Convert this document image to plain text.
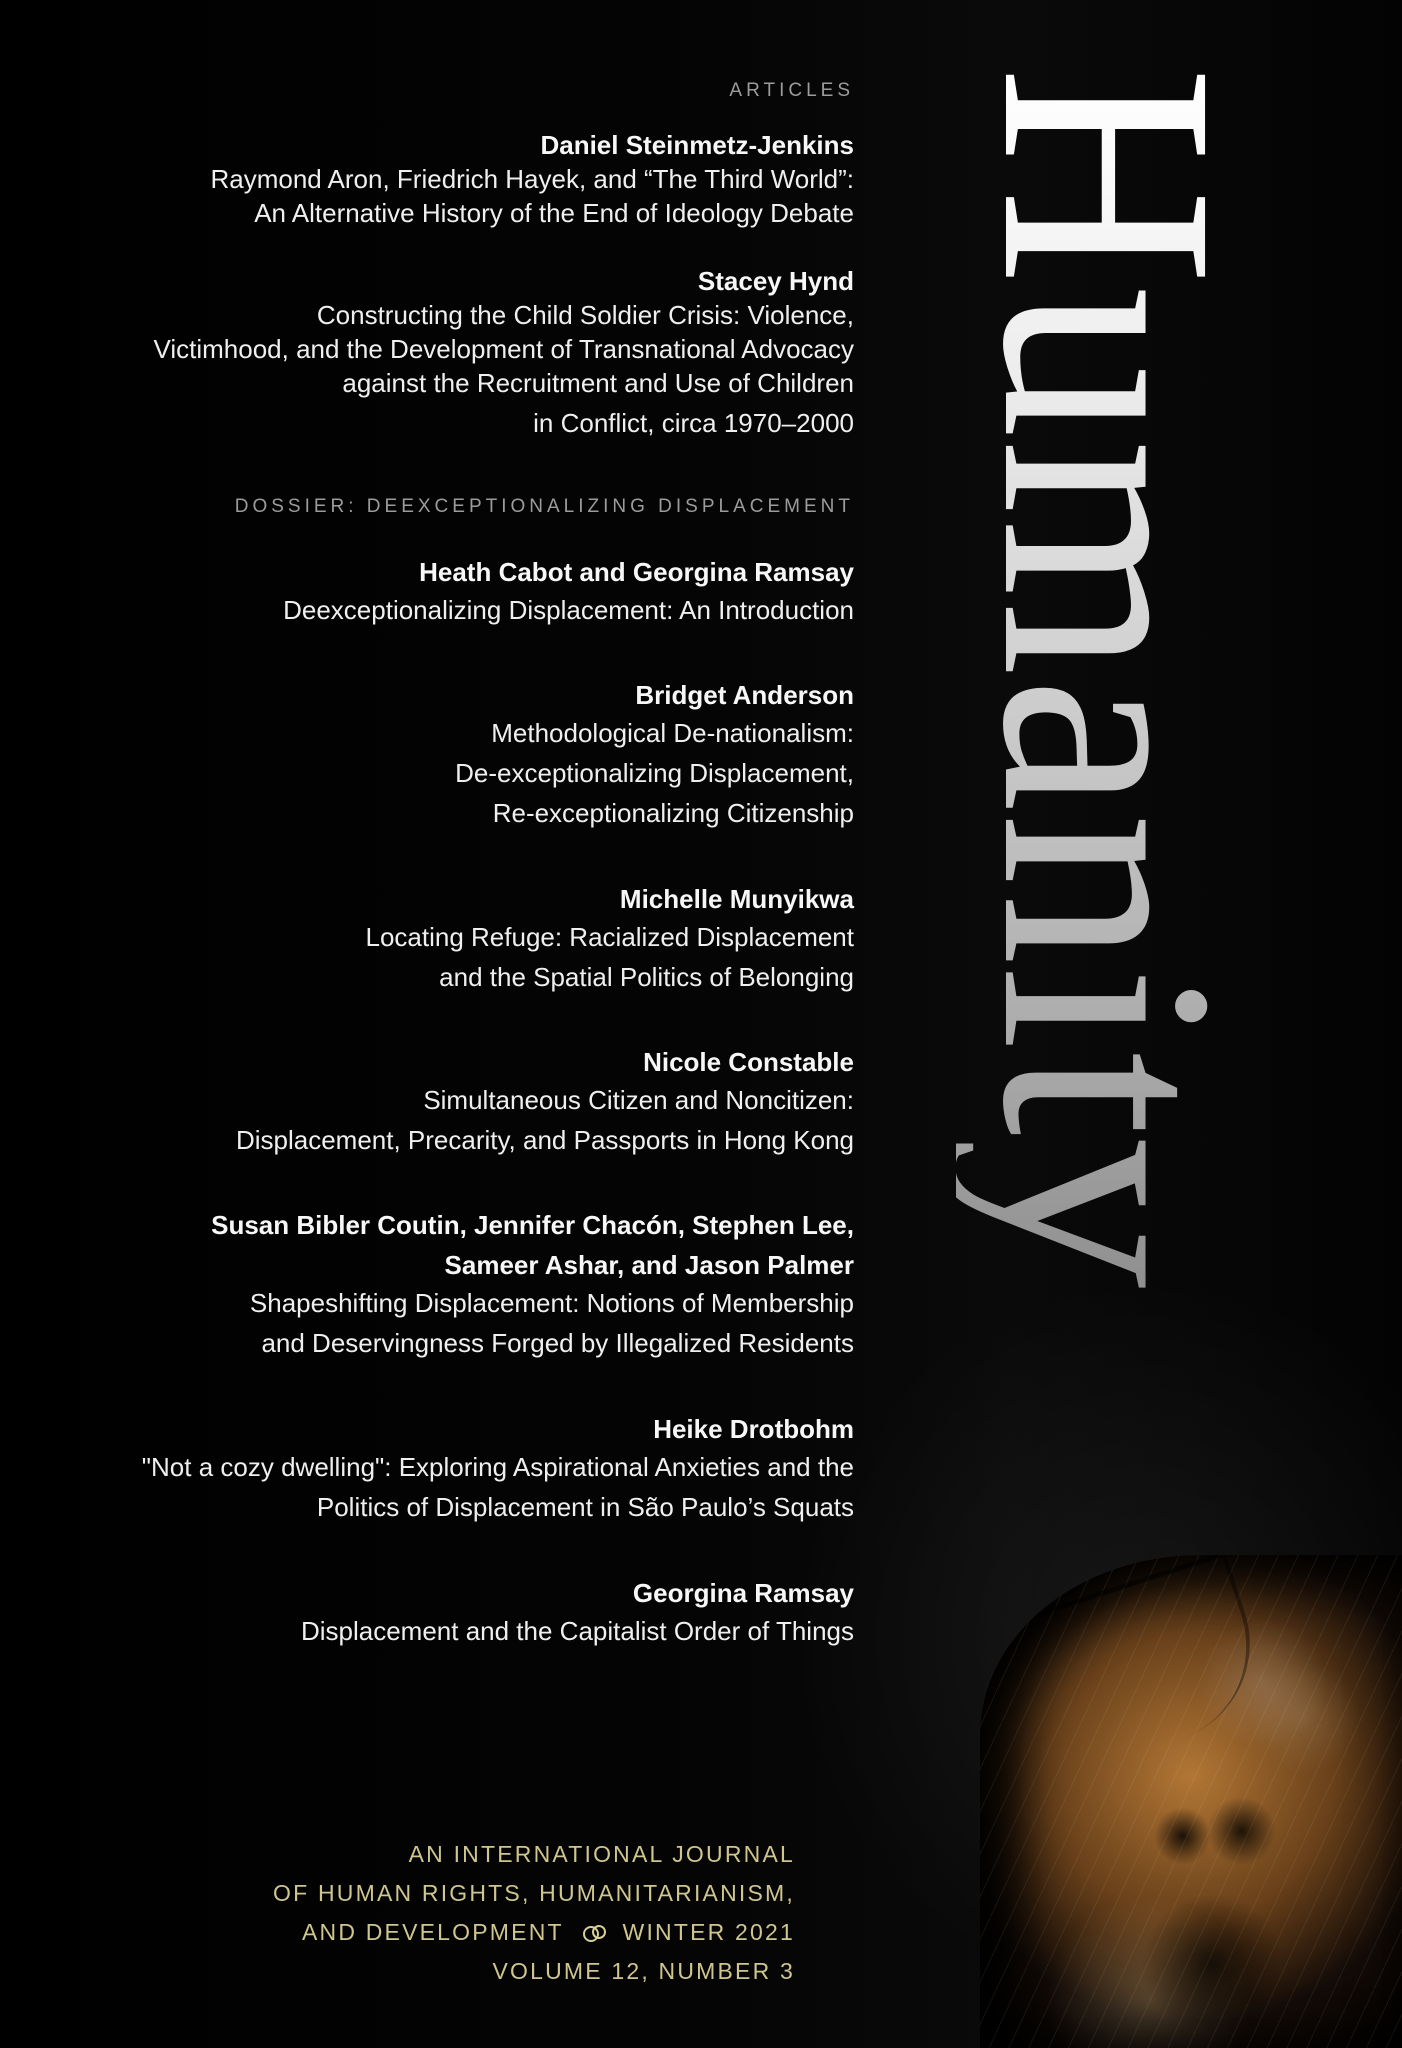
ARTICLES
Daniel Steinmetz-Jenkins
Raymond Aron, Friedrich Hayek, and “The Third World”:
An Alternative History of the End of Ideology Debate
Stacey Hynd
Constructing the Child Soldier Crisis: Violence,
Victimhood, and the Development of Transnational Advocacy
against the Recruitment and Use of Children
in Conflict, circa 1970–2000
DOSSIER: DEEXCEPTIONALIZING DISPLACEMENT
Heath Cabot and Georgina Ramsay
Deexceptionalizing Displacement: An Introduction
Bridget Anderson
Methodological De-nationalism:
De-exceptionalizing Displacement,
Re-exceptionalizing Citizenship
Michelle Munyikwa
Locating Refuge: Racialized Displacement
and the Spatial Politics of Belonging
Nicole Constable
Simultaneous Citizen and Noncitizen:
Displacement, Precarity, and Passports in Hong Kong
Susan Bibler Coutin, Jennifer Chacón, Stephen Lee,
Sameer Ashar, and Jason Palmer
Shapeshifting Displacement: Notions of Membership
and Deservingness Forged by Illegalized Residents
Heike Drotbohm
"Not a cozy dwelling": Exploring Aspirational Anxieties and the
Politics of Displacement in São Paulo’s Squats
Georgina Ramsay
Displacement and the Capitalist Order of Things
AN INTERNATIONAL JOURNAL
OF HUMAN RIGHTS, HUMANITARIANISM,
AND DEVELOPMENT	WINTER 2021
VOLUME 12, NUMBER 3
Humanity
